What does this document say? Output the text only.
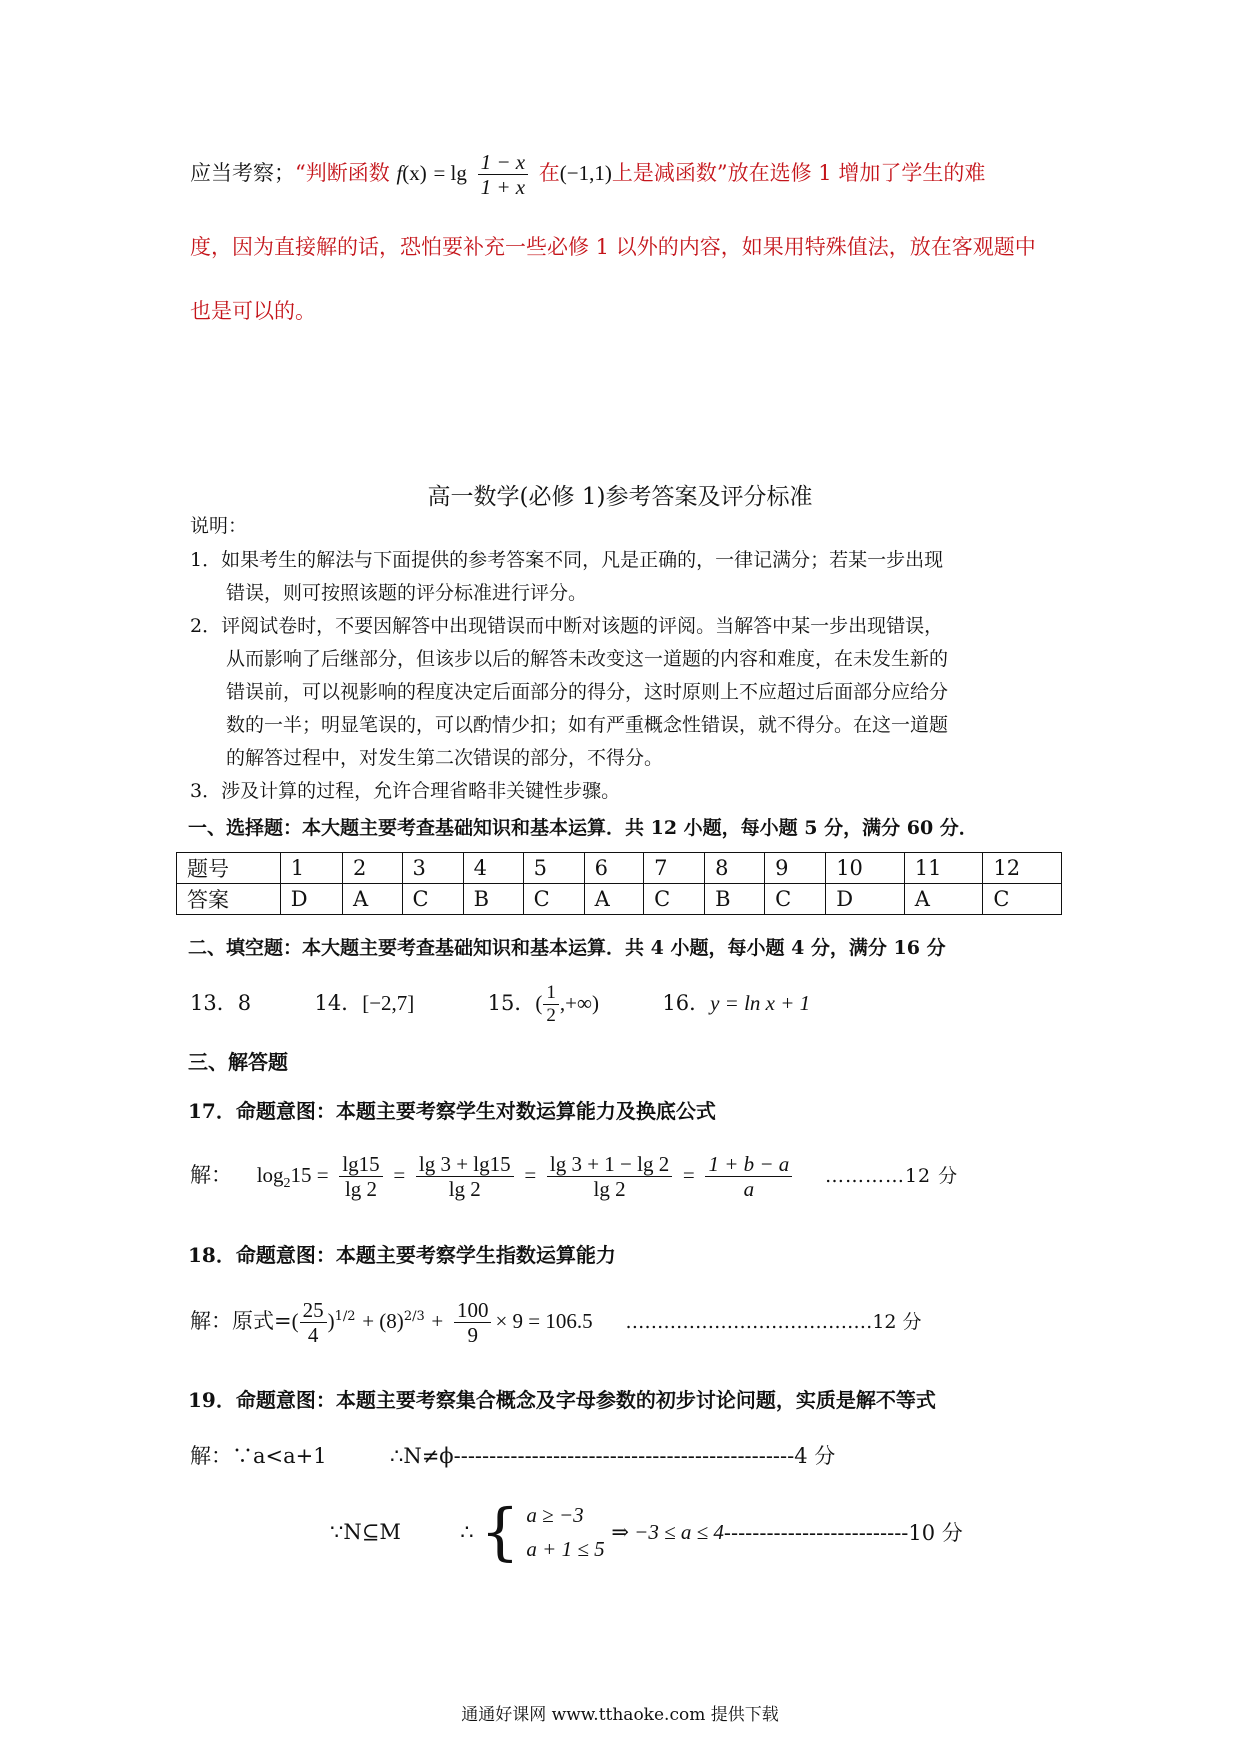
应当考察；“判断函数 $f(x) = \lg \frac{1 - x}{1 + x}$ 在(−1,1)上是减函数”放在选修 1 增加了学生的难
度，因为直接解的话，恐怕要补充一些必修 1 以外的内容，如果用特殊值法，放在客观题中
也是可以的。
高一数学(必修 1)参考答案及评分标准
说明：
1．如果考生的解法与下面提供的参考答案不同，凡是正确的，一律记满分；若某一步出现
错误，则可按照该题的评分标准进行评分。
2．评阅试卷时，不要因解答中出现错误而中断对该题的评阅。当解答中某一步出现错误，
从而影响了后继部分，但该步以后的解答未改变这一道题的内容和难度，在未发生新的
错误前，可以视影响的程度决定后面部分的得分，这时原则上不应超过后面部分应给分
数的一半；明显笔误的，可以酌情少扣；如有严重概念性错误，就不得分。在这一道题
的解答过程中，对发生第二次错误的部分，不得分。
3．涉及计算的过程，允许合理省略非关键性步骤。
一、选择题：本大题主要考查基础知识和基本运算．共 12 小题，每小题 5 分，满分 60 分．
题号	1	2	3	4	5	6	7	8	9	10	11	12
答案	D	A	C	B	C	A	C	B	C	D	A	C
二、填空题：本大题主要考查基础知识和基本运算．共 4 小题，每小题 4 分，满分 16 分
13．8	14．[−2,7]	15．( $\frac{1}{2}$ ,+∞)	16．y = ln x + 1
三、解答题
17．命题意图：本题主要考察学生对数运算能力及换底公式
解： $\log_215 = \frac{\lg 15}{\lg 2} = \frac{\lg 3 + \lg 15}{\lg 2} = \frac{\lg 3 + 1 - \lg 2}{\lg 2} = \frac{1 + b - a}{a}$ …………12 分
18．命题意图：本题主要考察学生指数运算能力
解：原式=( $\frac{25}{4} )^{1/2} + (8)^{2/3} + \frac{100}{9} \times 9 = 106.5$ …………………………………12 分
19．命题意图：本题主要考察集合概念及字母参数的初步讨论问题，实质是解不等式
解：∵a<a+1	∴N≠ϕ------------------------------------------------4 分
∵N⊆M	∴ { a ≥ −3
a + 1 ≤ 5
⇒ −3 ≤ a ≤ 4--------------------------10 分
通通好课网 www.tthaoke.com 提供下载
